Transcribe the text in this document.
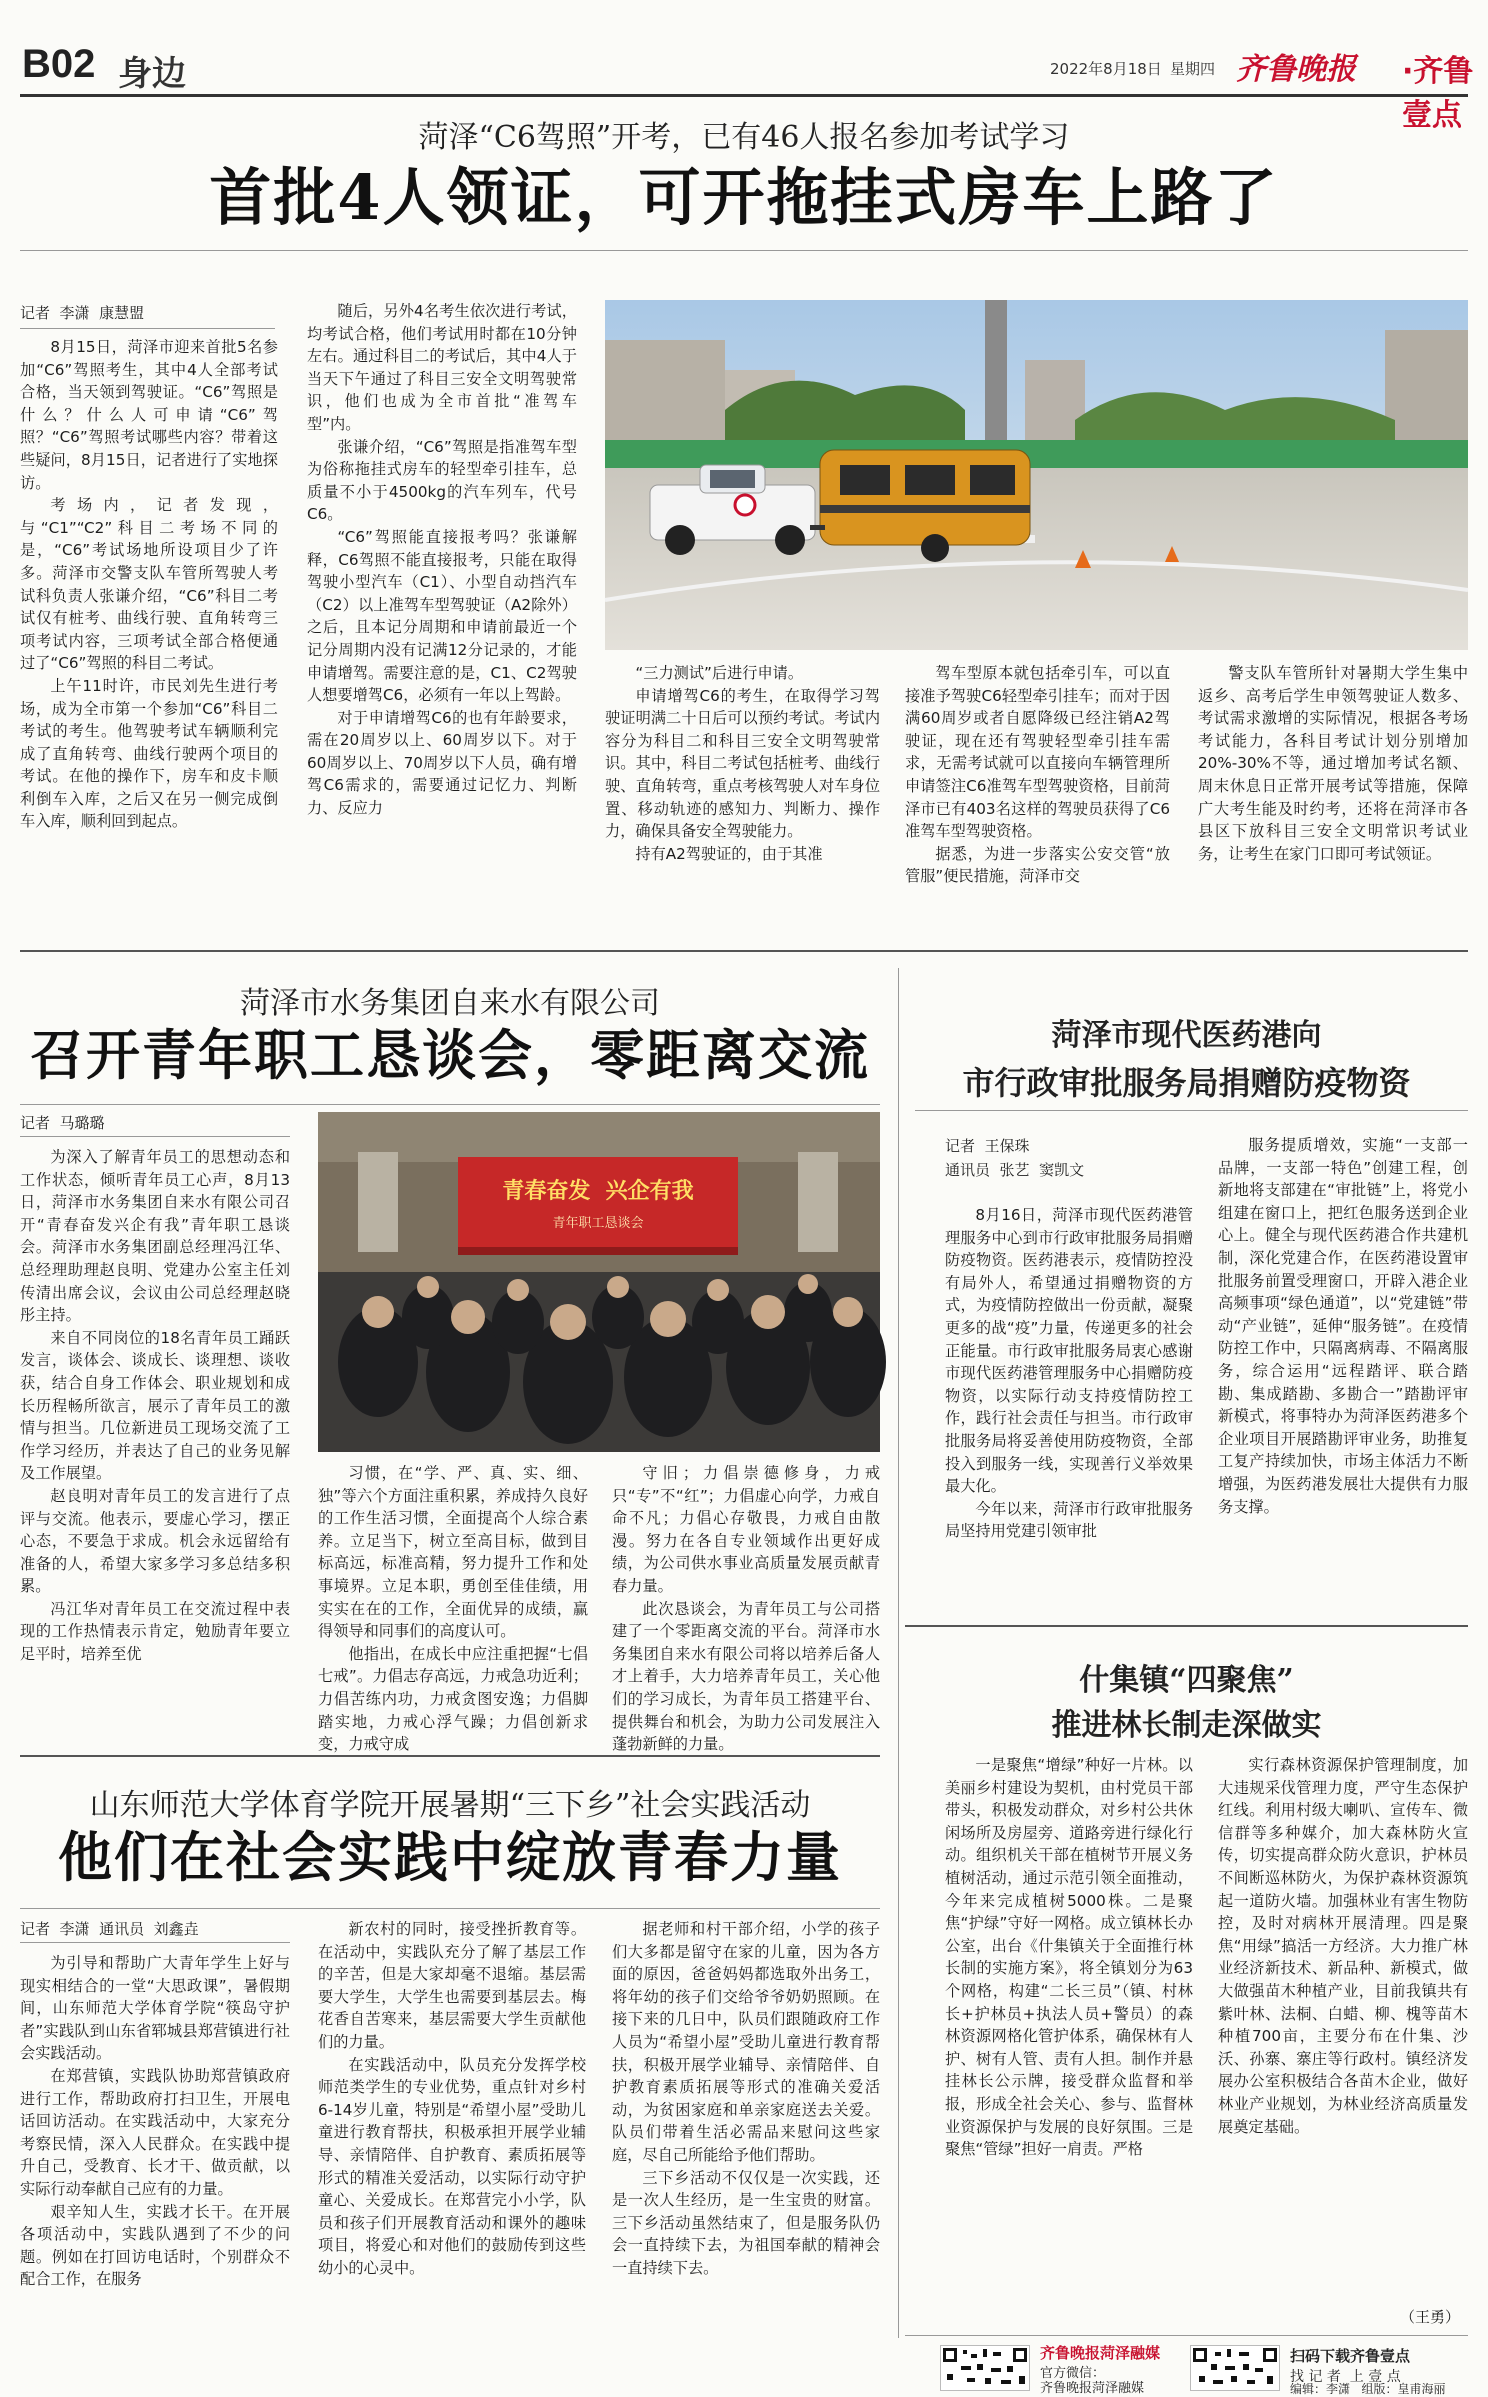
B02 身边	2022年8月18日 星期四 齐鲁晚报 ·齐鲁壹点
菏泽“C6驾照”开考，已有46人报名参加考试学习
首批4人领证，可开拖挂式房车上路了
记者  李潇  康慧盟

8月15日，菏泽市迎来首批5名参加“C6”驾照考生，其中4人全部考试合格，当天领到驾驶证。“C6”驾照是什么？什么人可申请“C6”驾照？“C6”驾照考试哪些内容？带着这些疑问，8月15日，记者进行了实地探访。

考场内，记者发现，与“C1”“C2”科目二考场不同的是，“C6”考试场地所设项目少了许多。菏泽市交警支队车管所驾驶人考试科负责人张谦介绍，“C6”科目二考试仅有桩考、曲线行驶、直角转弯三项考试内容，三项考试全部合格便通过了“C6”驾照的科目二考试。

上午11时许，市民刘先生进行考场，成为全市第一个参加“C6”科目二考试的考生。他驾驶考试车辆顺利完成了直角转弯、曲线行驶两个项目的考试。在他的操作下，房车和皮卡顺利倒车入库，之后又在另一侧完成倒车入库，顺利回到起点。

随后，另外4名考生依次进行考试，均考试合格，他们考试用时都在10分钟左右。通过科目二的考试后，其中4人于当天下午通过了科目三安全文明驾驶常识，他们也成为全市首批“准驾车型”内。

张谦介绍，“C6”驾照是指准驾车型为俗称拖挂式房车的轻型牵引挂车，总质量不小于4500kg的汽车列车，代号C6。

“C6”驾照能直接报考吗？张谦解释，C6驾照不能直接报考，只能在取得驾驶小型汽车（C1）、小型自动挡汽车（C2）以上准驾车型驾驶证（A2除外）之后，且本记分周期和申请前最近一个记分周期内没有记满12分记录的，才能申请增驾。需要注意的是，C1、C2驾驶人想要增驾C6，必须有一年以上驾龄。

对于申请增驾C6的也有年龄要求，需在20周岁以上、60周岁以下。对于60周岁以上、70周岁以下人员，确有增驾C6需求的，需要通过记忆力、判断力、反应力

“三力测试”后进行申请。

申请增驾C6的考生，在取得学习驾驶证明满二十日后可以预约考试。考试内容分为科目二和科目三安全文明驾驶常识。其中，科目二考试包括桩考、曲线行驶、直角转弯，重点考核驾驶人对车身位置、移动轨迹的感知力、判断力、操作力，确保具备安全驾驶能力。

持有A2驾驶证的，由于其准

驾车型原本就包括牵引车，可以直接准予驾驶C6轻型牵引挂车；而对于因满60周岁或者自愿降级已经注销A2驾驶证，现在还有驾驶轻型牵引挂车需求，无需考试就可以直接向车辆管理所申请签注C6准驾车型驾驶资格，目前菏泽市已有403名这样的驾驶员获得了C6准驾车型驾驶资格。

据悉，为进一步落实公安交管“放管服”便民措施，菏泽市交

警支队车管所针对暑期大学生集中返乡、高考后学生申领驾驶证人数多、考试需求激增的实际情况，根据各考场考试能力，各科目考试计划分别增加20%-30%不等，通过增加考试名额、周末休息日正常开展考试等措施，保障广大考生能及时约考，还将在菏泽市各县区下放科目三安全文明常识考试业务，让考生在家门口即可考试领证。

菏泽市水务集团自来水有限公司
召开青年职工恳谈会，零距离交流
记者  马璐璐

为深入了解青年员工的思想动态和工作状态，倾听青年员工心声，8月13日，菏泽市水务集团自来水有限公司召开“青春奋发兴企有我”青年职工恳谈会。菏泽市水务集团副总经理冯江华、总经理助理赵良明、党建办公室主任刘传清出席会议，会议由公司总经理赵晓彤主持。

来自不同岗位的18名青年员工踊跃发言，谈体会、谈成长、谈理想、谈收获，结合自身工作体会、职业规划和成长历程畅所欲言，展示了青年员工的激情与担当。几位新进员工现场交流了工作学习经历，并表达了自己的业务见解及工作展望。

赵良明对青年员工的发言进行了点评与交流。他表示，要虚心学习，摆正心态，不要急于求成。机会永远留给有准备的人，希望大家多学习多总结多积累。

冯江华对青年员工在交流过程中表现的工作热情表示肯定，勉励青年要立足平时，培养至优

青春奋发  兴企有我
青年职工恳谈会

习惯，在“学、严、真、实、细、独”等六个方面注重积累，养成持久良好的工作生活习惯，全面提高个人综合素养。立足当下，树立至高目标，做到目标高远，标准高精，努力提升工作和处事境界。立足本职，勇创至佳佳绩，用实实在在的工作，全面优异的成绩，赢得领导和同事们的高度认可。

他指出，在成长中应注重把握“七倡七戒”。力倡志存高远，力戒急功近利；力倡苦练内功，力戒贪图安逸；力倡脚踏实地，力戒心浮气躁；力倡创新求变，力戒守成

守旧；力倡崇德修身，力戒只“专”不“红”；力倡虚心向学，力戒自命不凡；力倡心存敬畏，力戒自由散漫。努力在各自专业领域作出更好成绩，为公司供水事业高质量发展贡献青春力量。

此次恳谈会，为青年员工与公司搭建了一个零距离交流的平台。菏泽市水务集团自来水有限公司将以培养后备人才上着手，大力培养青年员工，关心他们的学习成长，为青年员工搭建平台、提供舞台和机会，为助力公司发展注入蓬勃新鲜的力量。

菏泽市现代医药港向
市行政审批服务局捐赠防疫物资
记者  王保珠
通讯员  张艺  窦凯文

8月16日，菏泽市现代医药港管理服务中心到市行政审批服务局捐赠防疫物资。医药港表示，疫情防控没有局外人，希望通过捐赠物资的方式，为疫情防控做出一份贡献，凝聚更多的战“疫”力量，传递更多的社会正能量。市行政审批服务局衷心感谢市现代医药港管理服务中心捐赠防疫物资，以实际行动支持疫情防控工作，践行社会责任与担当。市行政审批服务局将妥善使用防疫物资，全部投入到服务一线，实现善行义举效果最大化。

今年以来，菏泽市行政审批服务局坚持用党建引领审批

服务提质增效，实施“一支部一品牌，一支部一特色”创建工程，创新地将支部建在“审批链”上，将党小组建在窗口上，把红色服务送到企业心上。健全与现代医药港合作共建机制，深化党建合作，在医药港设置审批服务前置受理窗口，开辟入港企业高频事项“绿色通道”，以“党建链”带动“产业链”，延伸“服务链”。在疫情防控工作中，只隔离病毒、不隔离服务，综合运用“远程踏评、联合踏勘、集成踏勘、多勘合一”踏勘评审新模式，将事特办为菏泽医药港多个企业项目开展踏勘评审业务，助推复工复产持续加快，市场主体活力不断增强，为医药港发展壮大提供有力服务支撑。

什集镇“四聚焦”
推进林长制走深做实

一是聚焦“增绿”种好一片林。以美丽乡村建设为契机，由村党员干部带头，积极发动群众，对乡村公共休闲场所及房屋旁、道路旁进行绿化行动。组织机关干部在植树节开展义务植树活动，通过示范引领全面推动，今年来完成植树5000株。二是聚焦“护绿”守好一网格。成立镇林长办公室，出台《什集镇关于全面推行林长制的实施方案》，将全镇划分为63个网格，构建“二长三员”（镇、村林长+护林员+执法人员+警员）的森林资源网格化管护体系，确保林有人护、树有人管、责有人担。制作并悬挂林长公示牌，接受群众监督和举报，形成全社会关心、参与、监督林业资源保护与发展的良好氛围。三是聚焦“管绿”担好一肩责。严格

实行森林资源保护管理制度，加大违规采伐管理力度，严守生态保护红线。利用村级大喇叭、宣传车、微信群等多种媒介，加大森林防火宣传，切实提高群众防火意识，护林员不间断巡林防火，为保护森林资源筑起一道防火墙。加强林业有害生物防控，及时对病林开展清理。四是聚焦“用绿”搞活一方经济。大力推广林业经济新技术、新品种、新模式，做大做强苗木种植产业，目前我镇共有紫叶林、法桐、白蜡、柳、槐等苗木种植700亩，主要分布在什集、沙沃、孙寨、寨庄等行政村。镇经济发展办公室积极结合各苗木企业，做好林业产业规划，为林业经济高质量发展奠定基础。

（王勇）
山东师范大学体育学院开展暑期“三下乡”社会实践活动
他们在社会实践中绽放青春力量
记者  李潇  通讯员  刘鑫垚

为引导和帮助广大青年学生上好与现实相结合的一堂“大思政课”，暑假期间，山东师范大学体育学院“筷岛守护者”实践队到山东省郓城县郑营镇进行社会实践活动。

在郑营镇，实践队协助郑营镇政府进行工作，帮助政府打扫卫生，开展电话回访活动。在实践活动中，大家充分考察民情，深入人民群众。在实践中提升自己，受教育、长才干、做贡献，以实际行动奉献自己应有的力量。

艰辛知人生，实践才长干。在开展各项活动中，实践队遇到了不少的问题。例如在打回访电话时，个别群众不配合工作，在服务

新农村的同时，接受挫折教育等。在活动中，实践队充分了解了基层工作的辛苦，但是大家却毫不退缩。基层需要大学生，大学生也需要到基层去。梅花香自苦寒来，基层需要大学生贡献他们的力量。

在实践活动中，队员充分发挥学校师范类学生的专业优势，重点针对乡村6-14岁儿童，特别是“希望小屋”受助儿童进行教育帮扶，积极承担开展学业辅导、亲情陪伴、自护教育、素质拓展等形式的精准关爱活动，以实际行动守护童心、关爱成长。在郑营完小小学，队员和孩子们开展教育活动和课外的趣味项目，将爱心和对他们的鼓励传到这些幼小的心灵中。

据老师和村干部介绍，小学的孩子们大多都是留守在家的儿童，因为各方面的原因，爸爸妈妈都选取外出务工，将年幼的孩子们交给爷爷奶奶照顾。在接下来的几日中，队员们跟随政府工作人员为“希望小屋”受助儿童进行教育帮扶，积极开展学业辅导、亲情陪伴、自护教育素质拓展等形式的准确关爱活动，为贫困家庭和单亲家庭送去关爱。队员们带着生活必需品来慰问这些家庭，尽自己所能给予他们帮助。

三下乡活动不仅仅是一次实践，还是一次人生经历，是一生宝贵的财富。三下乡活动虽然结束了，但是服务队仍会一直持续下去，为祖国奉献的精神会一直持续下去。

齐鲁晚报菏泽融媒
官方微信：
齐鲁晚报菏泽融媒
扫码下载齐鲁壹点
找 记 者  上 壹 点
编辑：李潇   组版：皇甫海丽
